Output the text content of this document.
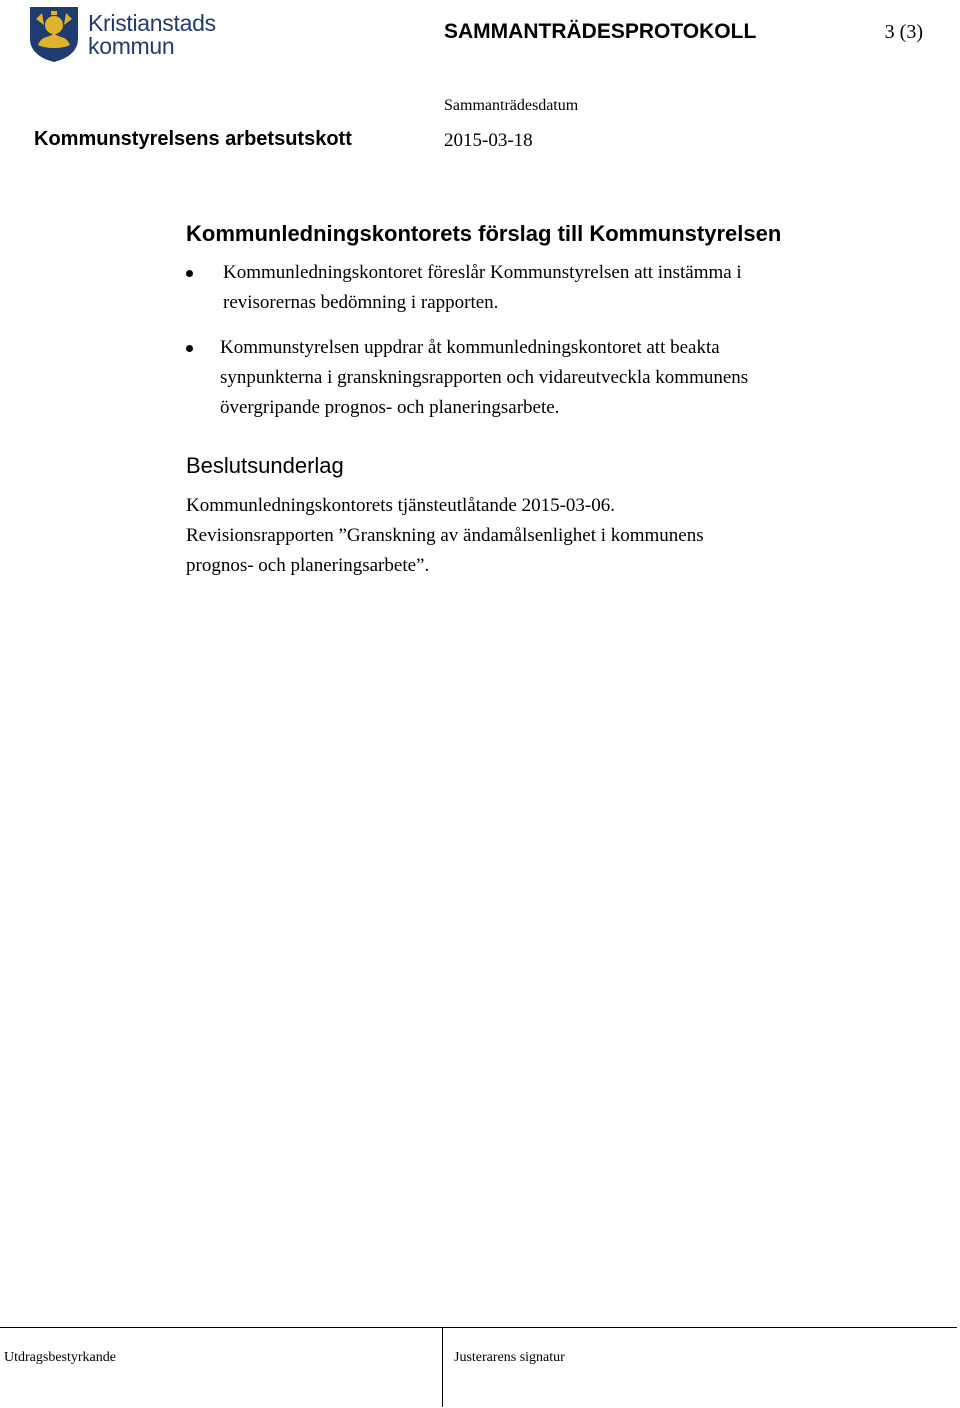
Kristianstads
kommun
SAMMANTRÄDESPROTOKOLL	3 (3)
Kommunstyrelsens arbetsutskott
Sammanträdesdatum
2015-03-18
Kommunledningskontorets förslag till Kommunstyrelsen
Kommunledningskontoret föreslår Kommunstyrelsen att instämma i
revisorernas bedömning i rapporten.
Kommunstyrelsen uppdrar åt kommunledningskontoret att beakta
synpunkterna i granskningsrapporten och vidareutveckla kommunens
övergripande prognos- och planeringsarbete.
Beslutsunderlag
Kommunledningskontorets tjänsteutlåtande 2015-03-06.
Revisionsrapporten ”Granskning av ändamålsenlighet i kommunens
prognos- och planeringsarbete”.
Utdragsbestyrkande	Justerarens signatur
